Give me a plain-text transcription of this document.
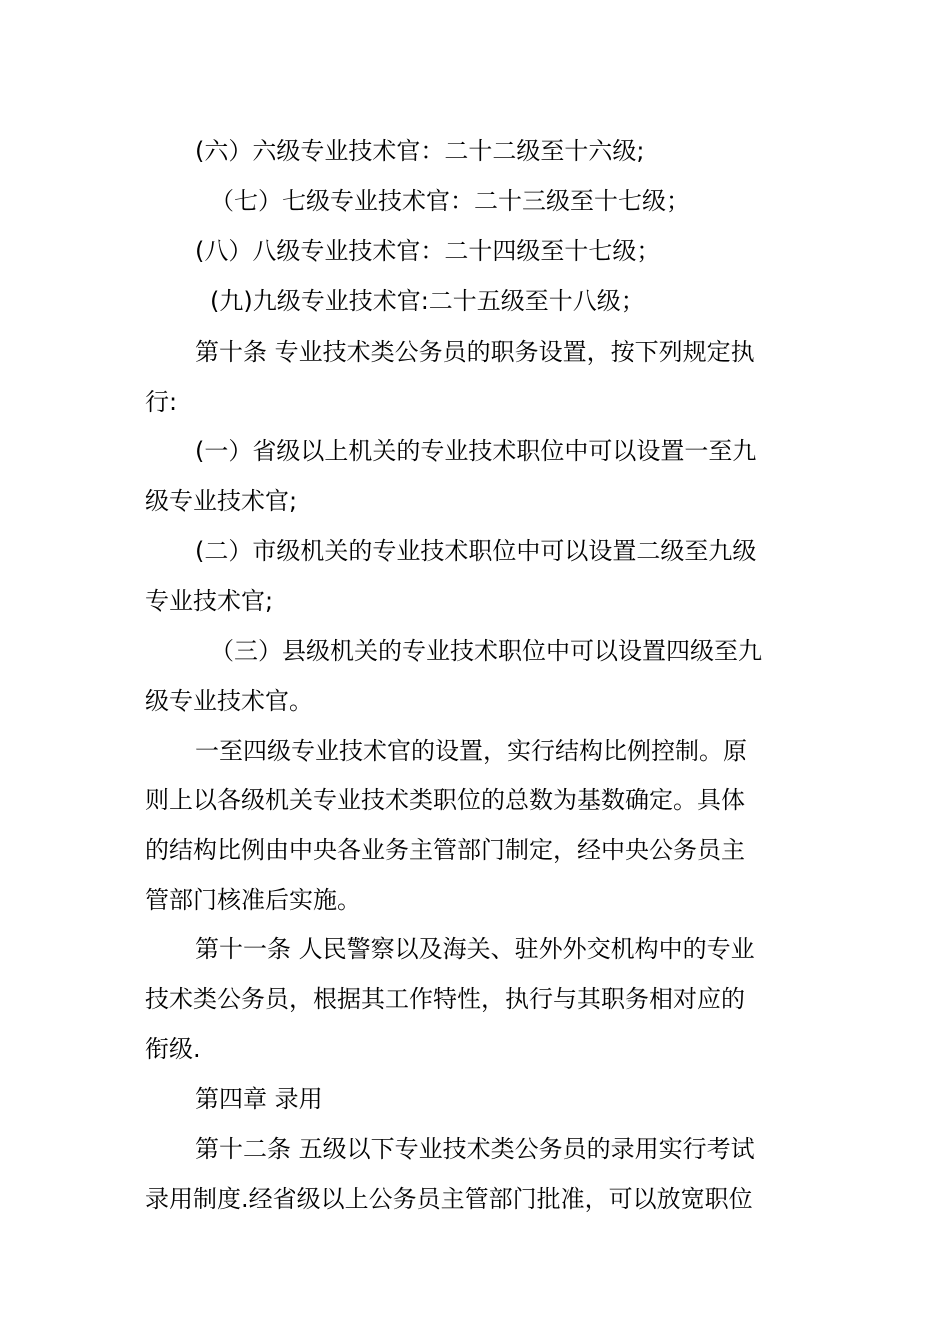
(六）六级专业技术官：二十二级至十六级;
（七）七级专业技术官：二十三级至十七级；
(八）八级专业技术官：二十四级至十七级；
(九)九级专业技术官:二十五级至十八级；
第十条 专业技术类公务员的职务设置，按下列规定执
行:
(一）省级以上机关的专业技术职位中可以设置一至九
级专业技术官;
(二）市级机关的专业技术职位中可以设置二级至九级
专业技术官;
（三）县级机关的专业技术职位中可以设置四级至九
级专业技术官。
一至四级专业技术官的设置，实行结构比例控制。原
则上以各级机关专业技术类职位的总数为基数确定。具体
的结构比例由中央各业务主管部门制定，经中央公务员主
管部门核准后实施。
第十一条 人民警察以及海关、驻外外交机构中的专业
技术类公务员，根据其工作特性，执行与其职务相对应的
衔级.
第四章 录用
第十二条 五级以下专业技术类公务员的录用实行考试
录用制度.经省级以上公务员主管部门批准，可以放宽职位
